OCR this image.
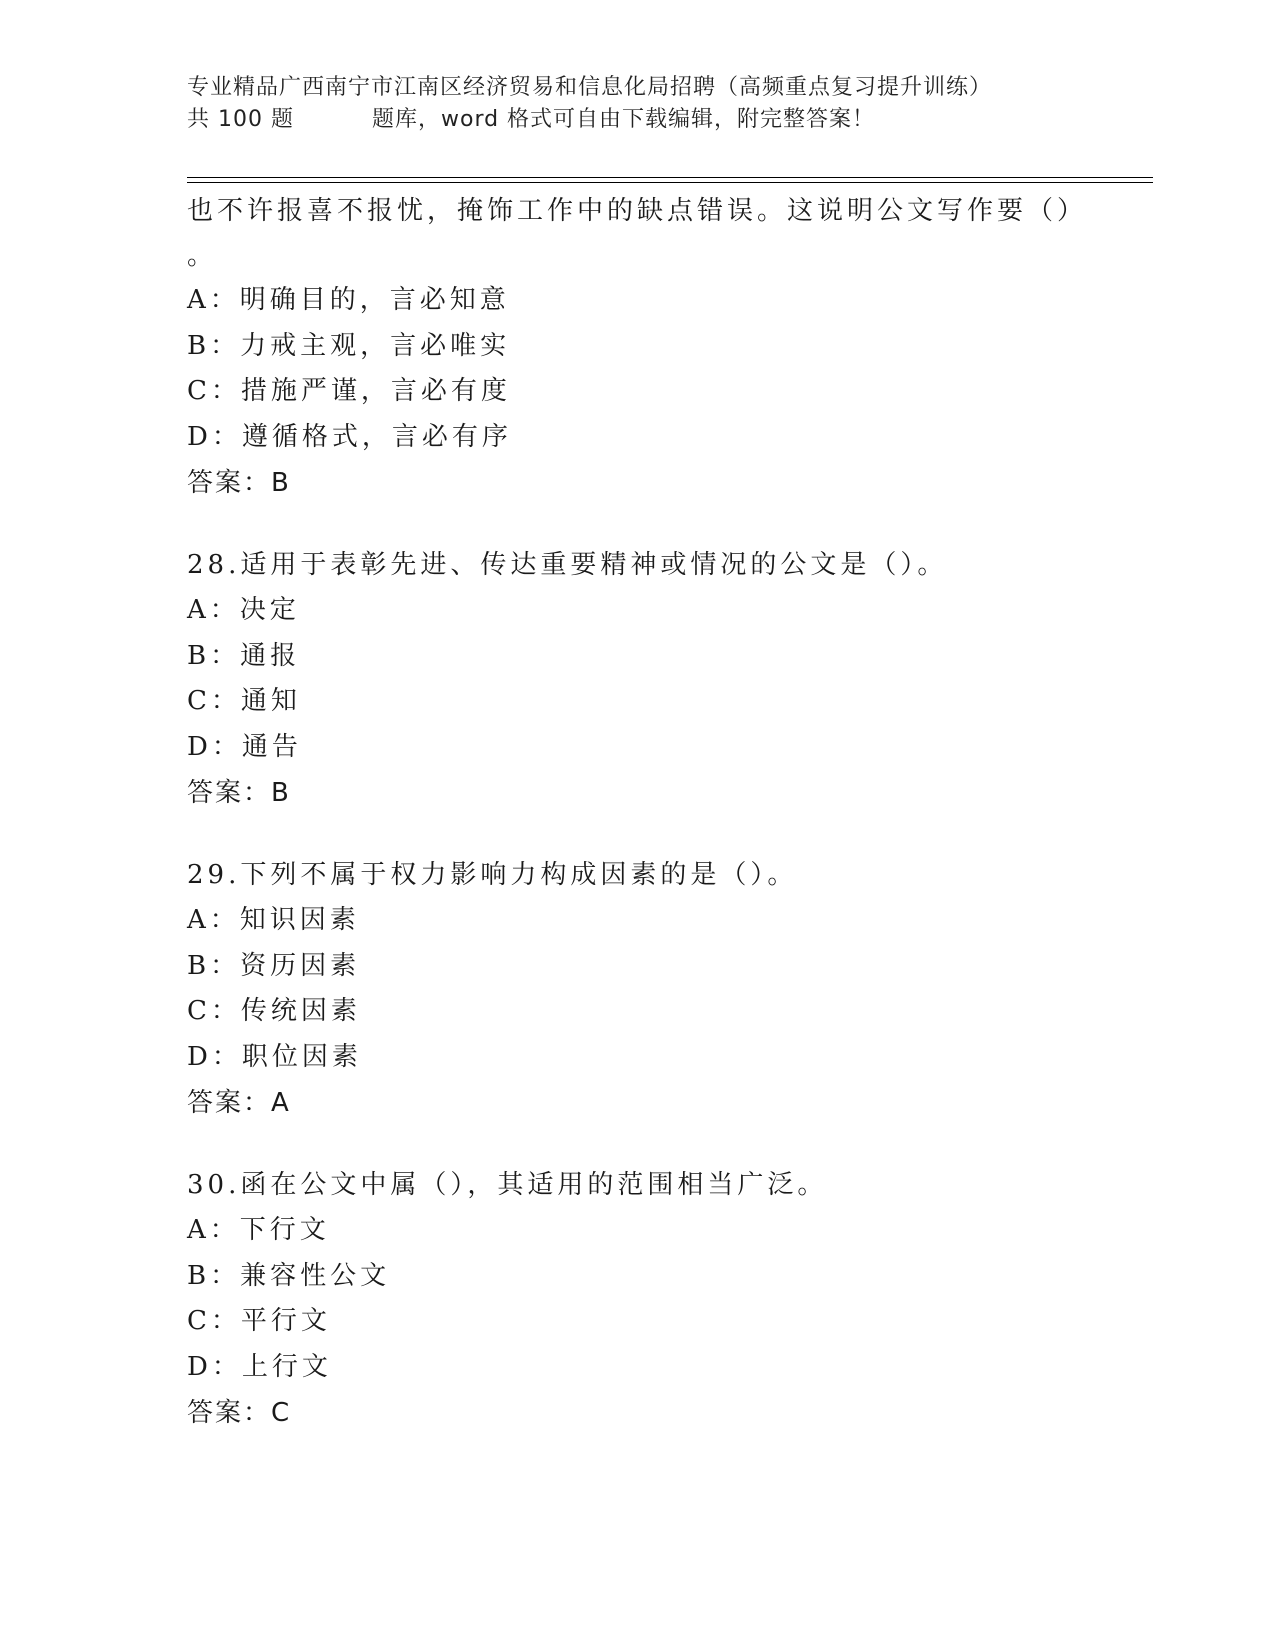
专业精品广西南宁市江南区经济贸易和信息化局招聘（高频重点复习提升训练）
共 100 题	题库，word 格式可自由下载编辑，附完整答案！
也不许报喜不报忧，掩饰工作中的缺点错误。这说明公文写作要（）
。
A：明确目的，言必知意
B：力戒主观，言必唯实
C：措施严谨，言必有度
D：遵循格式，言必有序
答案：B
28.适用于表彰先进、传达重要精神或情况的公文是（）。
A：决定
B：通报
C：通知
D：通告
答案：B
29.下列不属于权力影响力构成因素的是（）。
A：知识因素
B：资历因素
C：传统因素
D：职位因素
答案：A
30.函在公文中属（），其适用的范围相当广泛。
A：下行文
B：兼容性公文
C：平行文
D：上行文
答案：C
